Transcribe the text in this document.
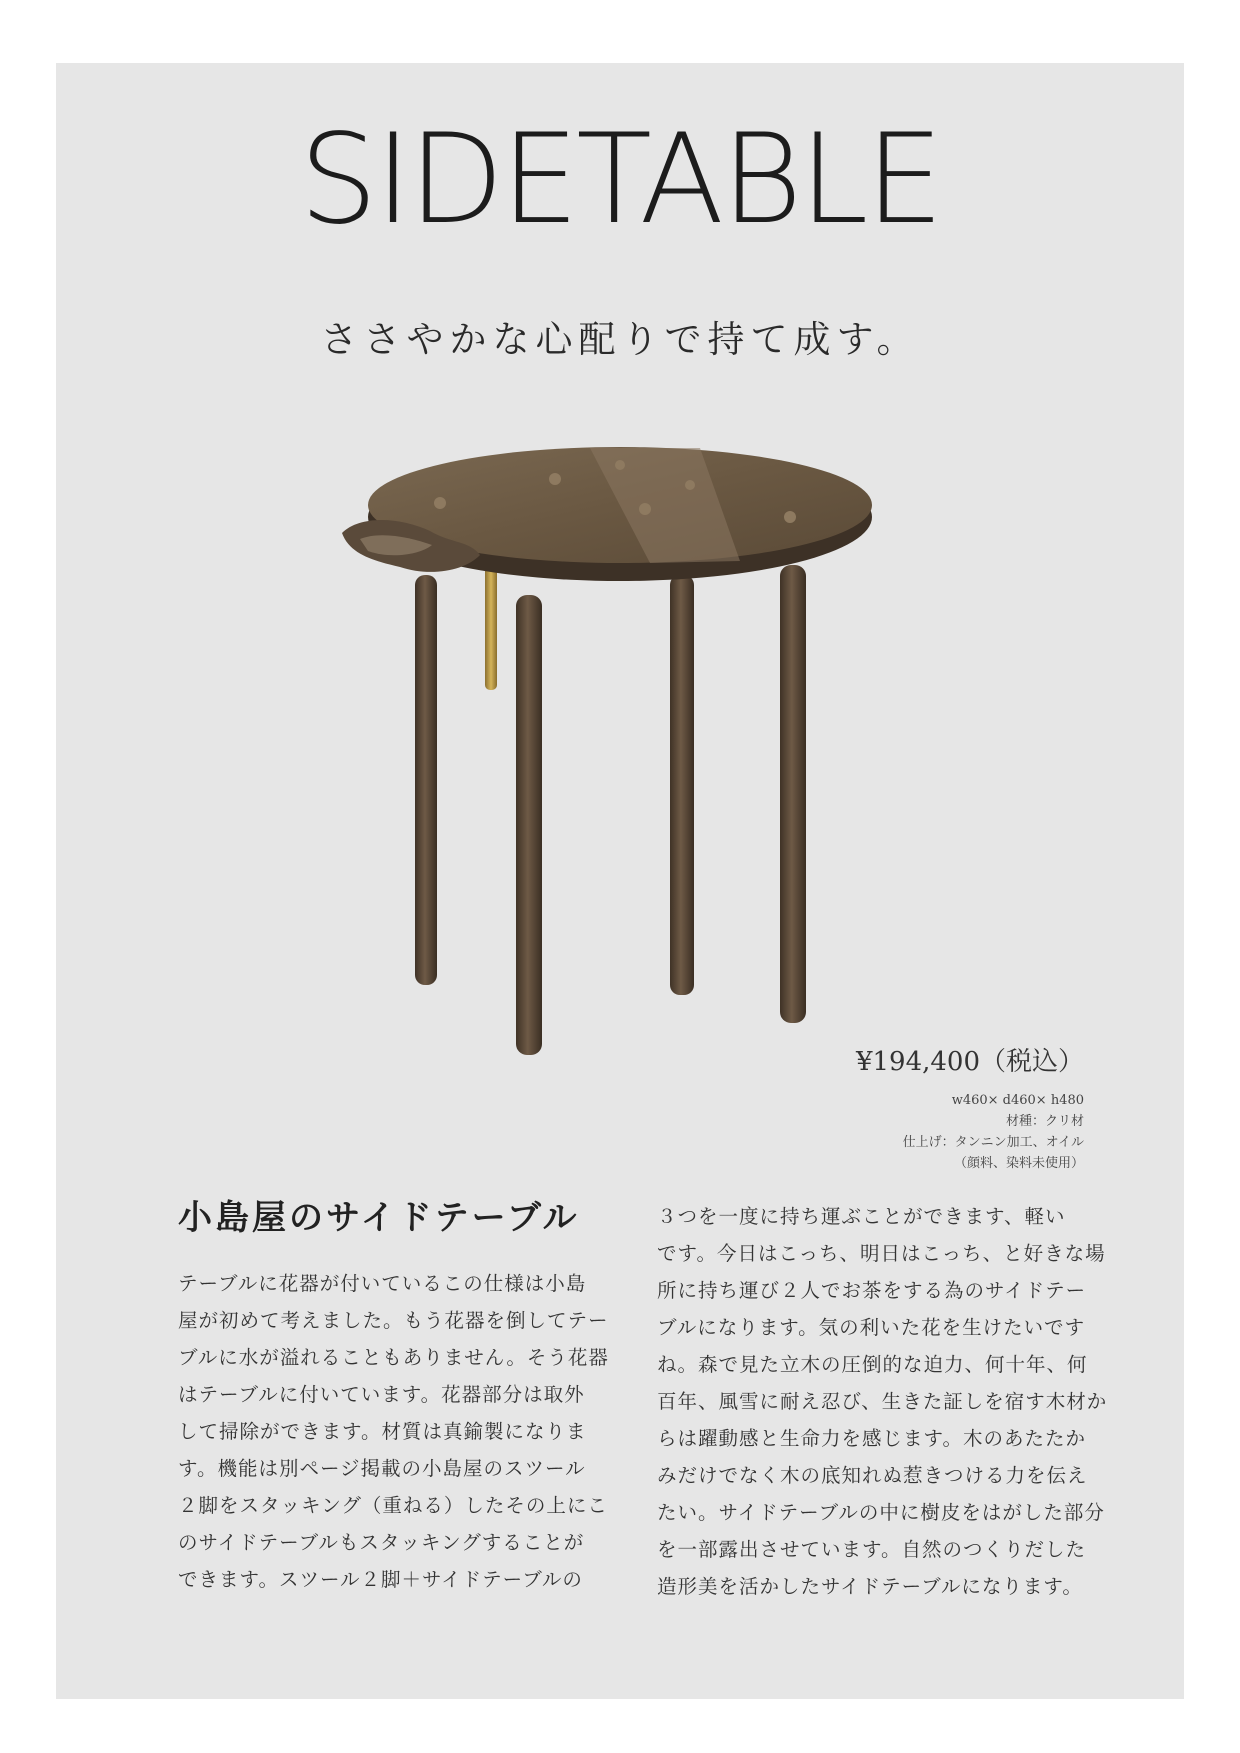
SIDETABLE

ささやかな心配りで持て成す。

¥194,400（税込）
w460× d460× h480
材種：クリ材
仕上げ：タンニン加工、オイル
（顔料、染料未使用）
小島屋のサイドテーブル

テーブルに花器が付いているこの仕様は小島
屋が初めて考えました。もう花器を倒してテー
ブルに水が溢れることもありません。そう花器
はテーブルに付いています。花器部分は取外
して掃除ができます。材質は真鍮製になりま
す。機能は別ページ掲載の小島屋のスツール
２脚をスタッキング（重ねる）したその上にこ
のサイドテーブルもスタッキングすることが
できます。スツール２脚＋サイドテーブルの

３つを一度に持ち運ぶことができます、軽い
です。今日はこっち、明日はこっち、と好きな場
所に持ち運び２人でお茶をする為のサイドテー
ブルになります。気の利いた花を生けたいです
ね。森で見た立木の圧倒的な迫力、何十年、何
百年、風雪に耐え忍び、生きた証しを宿す木材か
らは躍動感と生命力を感じます。木のあたたか
みだけでなく木の底知れぬ惹きつける力を伝え
たい。サイドテーブルの中に樹皮をはがした部分
を一部露出させています。自然のつくりだした
造形美を活かしたサイドテーブルになります。
